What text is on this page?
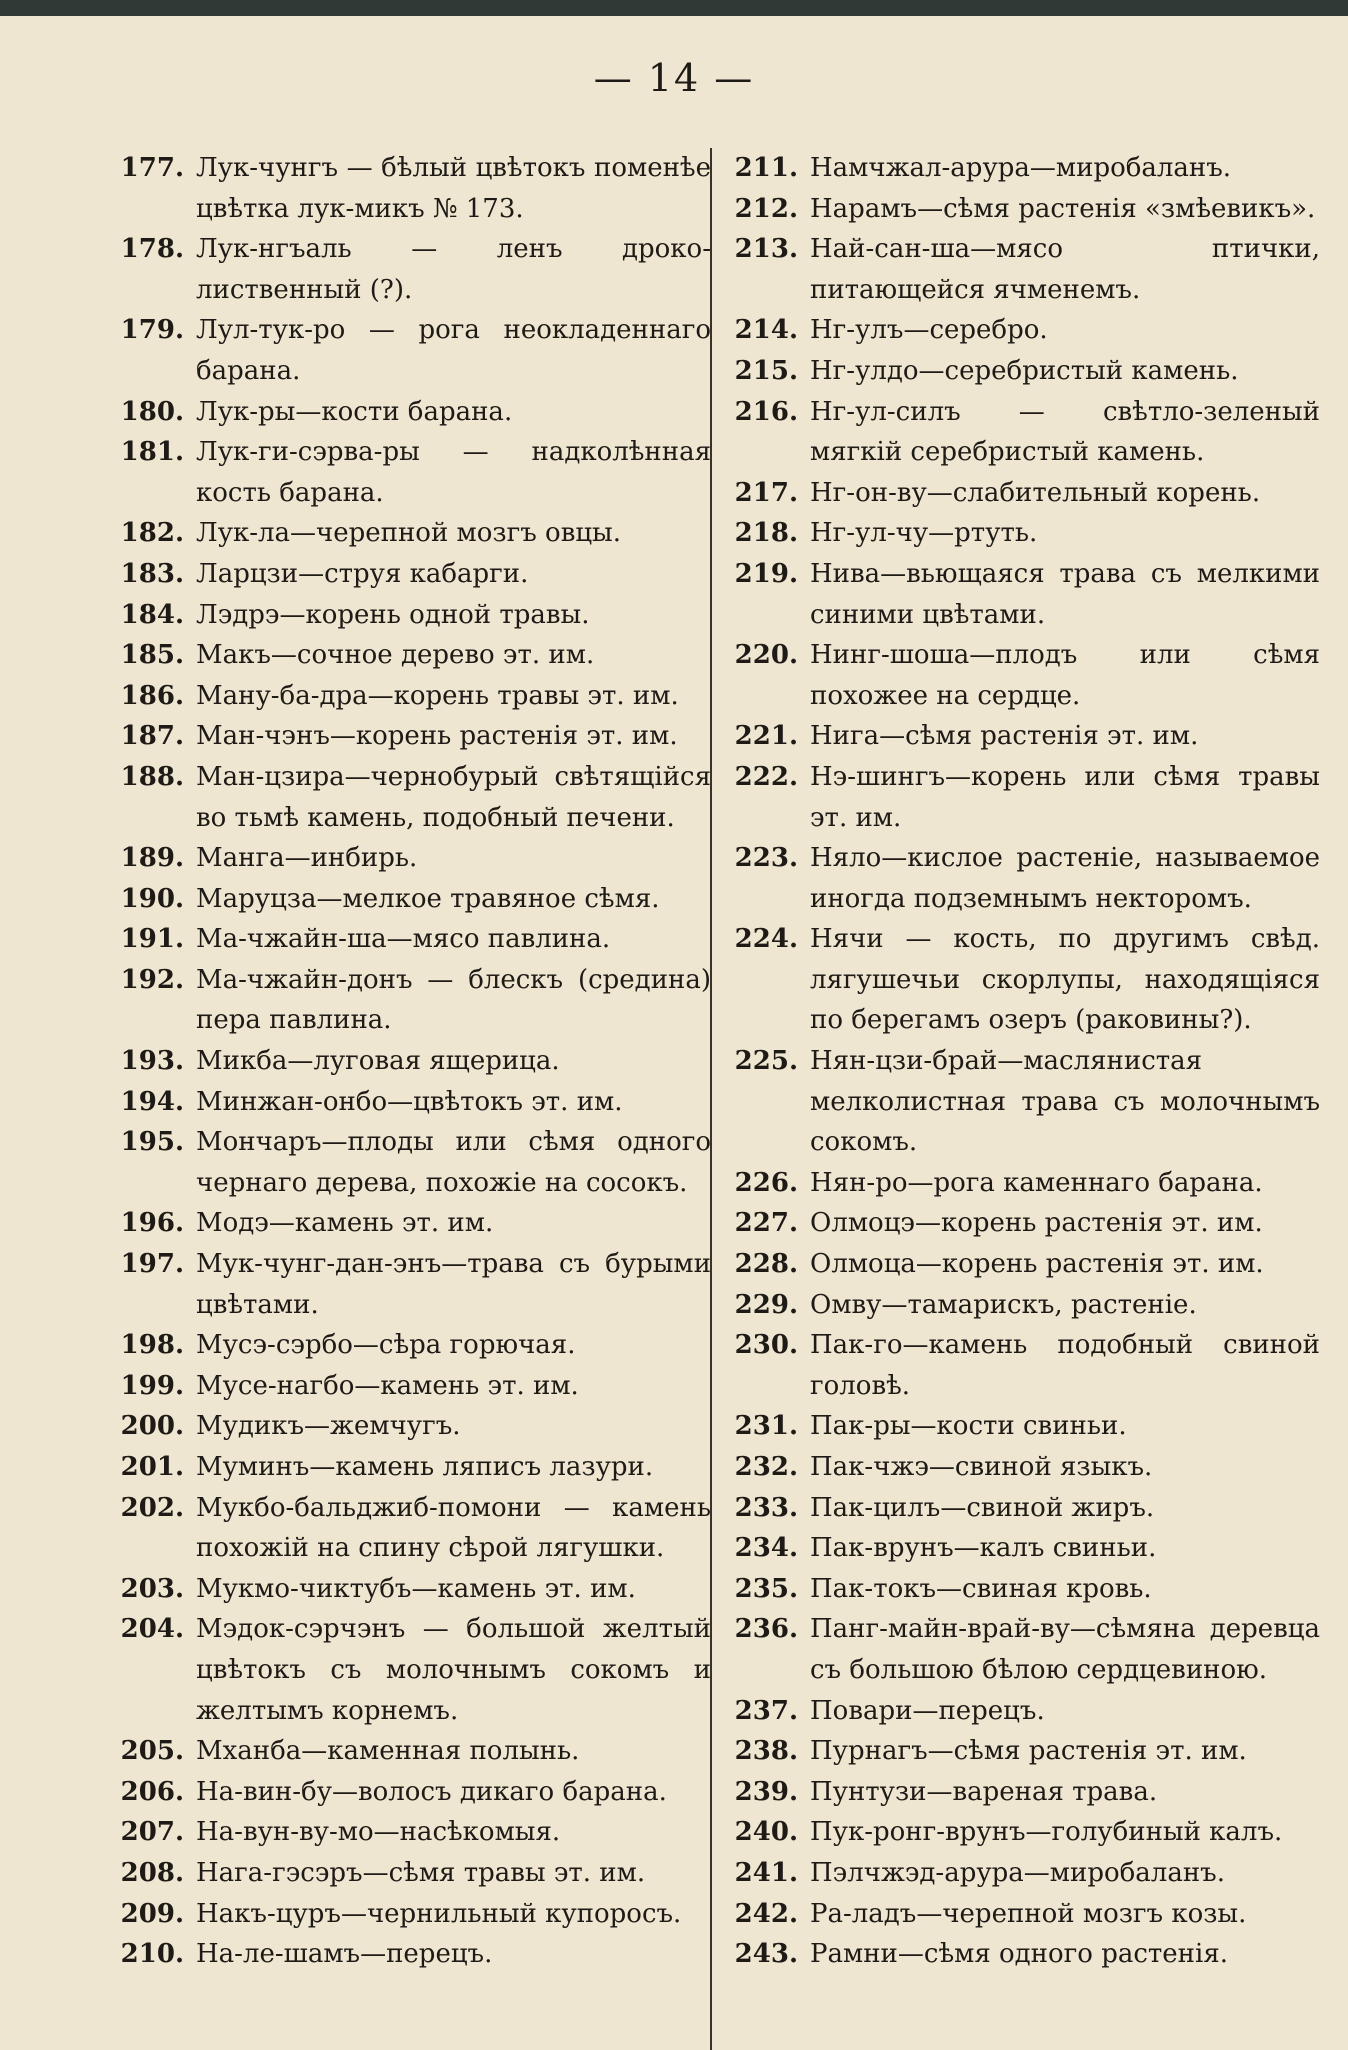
— 14 —
177. Лук-чунгъ — бѣлый цвѣтокъ поменѣе цвѣтка лук-микъ № 173.
178. Лук-нгъаль — ленъ дроко-лиственный (?).
179. Лул-тук-ро — рога неокладеннаго барана.
180. Лук-ры—кости барана.
181. Лук-ги-сэрва-ры — надколѣнная кость барана.
182. Лук-ла—черепной мозгъ овцы.
183. Ларцзи—струя кабарги.
184. Лэдрэ—корень одной травы.
185. Макъ—сочное дерево эт. им.
186. Ману-ба-дра—корень травы эт. им.
187. Ман-чэнъ—корень растенія эт. им.
188. Ман-цзира—чернобурый свѣтящійся во тьмѣ камень, подобный печени.
189. Манга—инбирь.
190. Маруцза—мелкое травяное сѣмя.
191. Ма-чжайн-ша—мясо павлина.
192. Ма-чжайн-донъ — блескъ (средина) пера павлина.
193. Микба—луговая ящерица.
194. Минжан-онбо—цвѣтокъ эт. им.
195. Мончаръ—плоды или сѣмя одного чернаго дерева, похожіе на сосокъ.
196. Модэ—камень эт. им.
197. Мук-чунг-дан-энъ—трава съ бурыми цвѣтами.
198. Мусэ-сэрбо—сѣра горючая.
199. Мусе-нагбо—камень эт. им.
200. Мудикъ—жемчугъ.
201. Муминъ—камень ляписъ лазури.
202. Мукбо-бальджиб-помони — камень похожій на спину сѣрой лягушки.
203. Мукмо-чиктубъ—камень эт. им.
204. Мэдок-сэрчэнъ — большой желтый цвѣтокъ съ молочнымъ сокомъ и желтымъ корнемъ.
205. Мханба—каменная полынь.
206. На-вин-бу—волосъ дикаго барана.
207. На-вун-ву-мо—насѣкомыя.
208. Нага-гэсэръ—сѣмя травы эт. им.
209. Накъ-цуръ—чернильный купоросъ.
210. На-ле-шамъ—перецъ.
211. Намчжал-арура—миробаланъ.
212. Нарамъ—сѣмя растенія «змѣевикъ».
213. Най-сан-ша—мясо птички, питающейся ячменемъ.
214. Нг-улъ—серебро.
215. Нг-улдо—серебристый камень.
216. Нг-ул-силъ — свѣтло-зеленый мягкій серебристый камень.
217. Нг-он-ву—слабительный корень.
218. Нг-ул-чу—ртуть.
219. Нива—вьющаяся трава съ мелкими синими цвѣтами.
220. Нинг-шоша—плодъ или сѣмя похожее на сердце.
221. Нига—сѣмя растенія эт. им.
222. Нэ-шингъ—корень или сѣмя травы эт. им.
223. Няло—кислое растеніе, называемое иногда подземнымъ некторомъ.
224. Нячи — кость, по другимъ свѣд. лягушечьи скорлупы, находящіяся по берегамъ озеръ (раковины?).
225. Нян-цзи-брай—маслянистая мелколистная трава съ молочнымъ сокомъ.
226. Нян-ро—рога каменнаго барана.
227. Олмоцэ—корень растенія эт. им.
228. Олмоца—корень растенія эт. им.
229. Омву—тамарискъ, растеніе.
230. Пак-го—камень подобный свиной головѣ.
231. Пак-ры—кости свиньи.
232. Пак-чжэ—свиной языкъ.
233. Пак-цилъ—свиной жиръ.
234. Пак-врунъ—калъ свиньи.
235. Пак-токъ—свиная кровь.
236. Панг-майн-врай-ву—сѣмяна деревца съ большою бѣлою сердцевиною.
237. Повари—перецъ.
238. Пурнагъ—сѣмя растенія эт. им.
239. Пунтузи—вареная трава.
240. Пук-ронг-врунъ—голубиный калъ.
241. Пэлчжэд-арура—миробаланъ.
242. Ра-ладъ—черепной мозгъ козы.
243. Рамни—сѣмя одного растенія.
